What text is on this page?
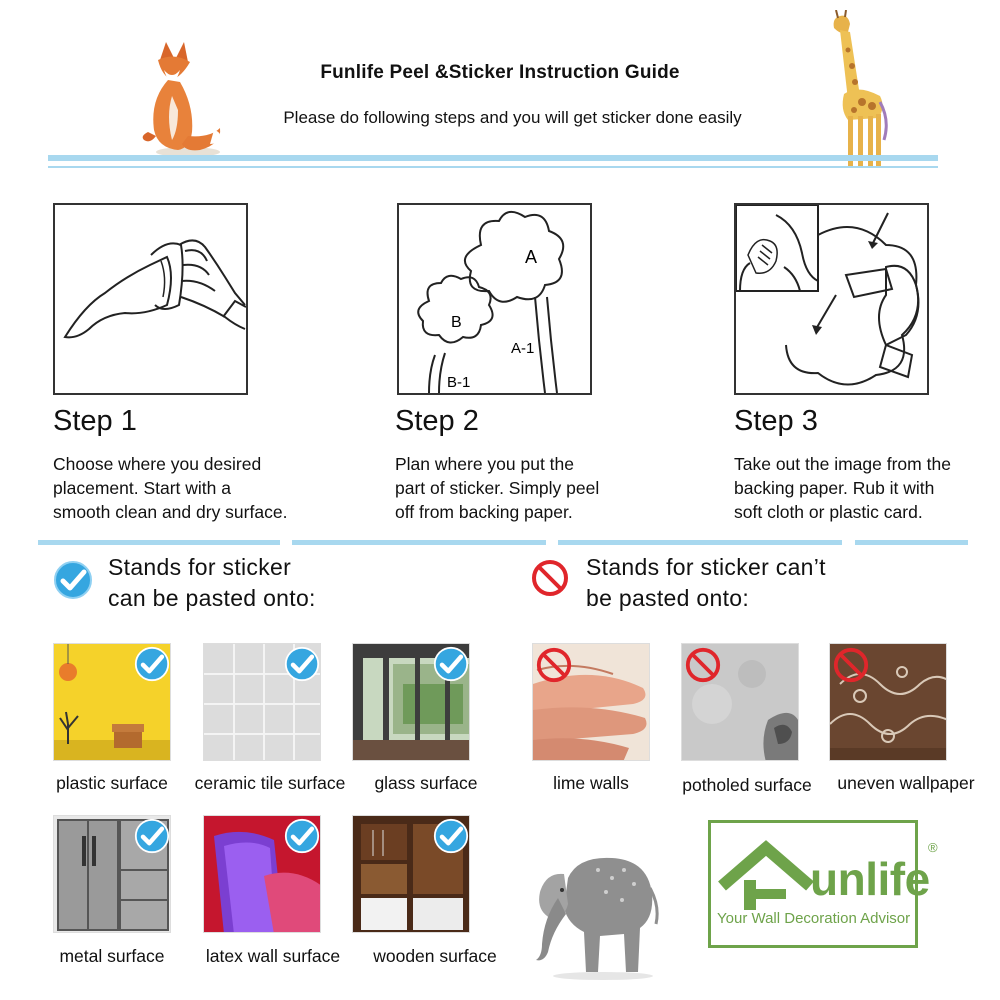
Funlife Peel &Sticker Instruction Guide
Please do following steps and you will get sticker done easily
Step 1
Choose where you desired
placement. Start with a
smooth clean and dry surface.
A
B
A-1
B-1
Step 2
Plan where you put the
part of sticker. Simply peel
off from backing paper.
Step 3
Take out the image from the
backing paper. Rub it with
soft cloth or plastic card.
Stands for sticker
can be pasted onto:
plastic surface	ceramic tile surface	glass surface
metal surface	latex wall surface	wooden surface
Stands for sticker can’t
be pasted onto:
lime walls	potholed surface	uneven wallpaper
unlife
®
Your Wall Decoration Advisor
